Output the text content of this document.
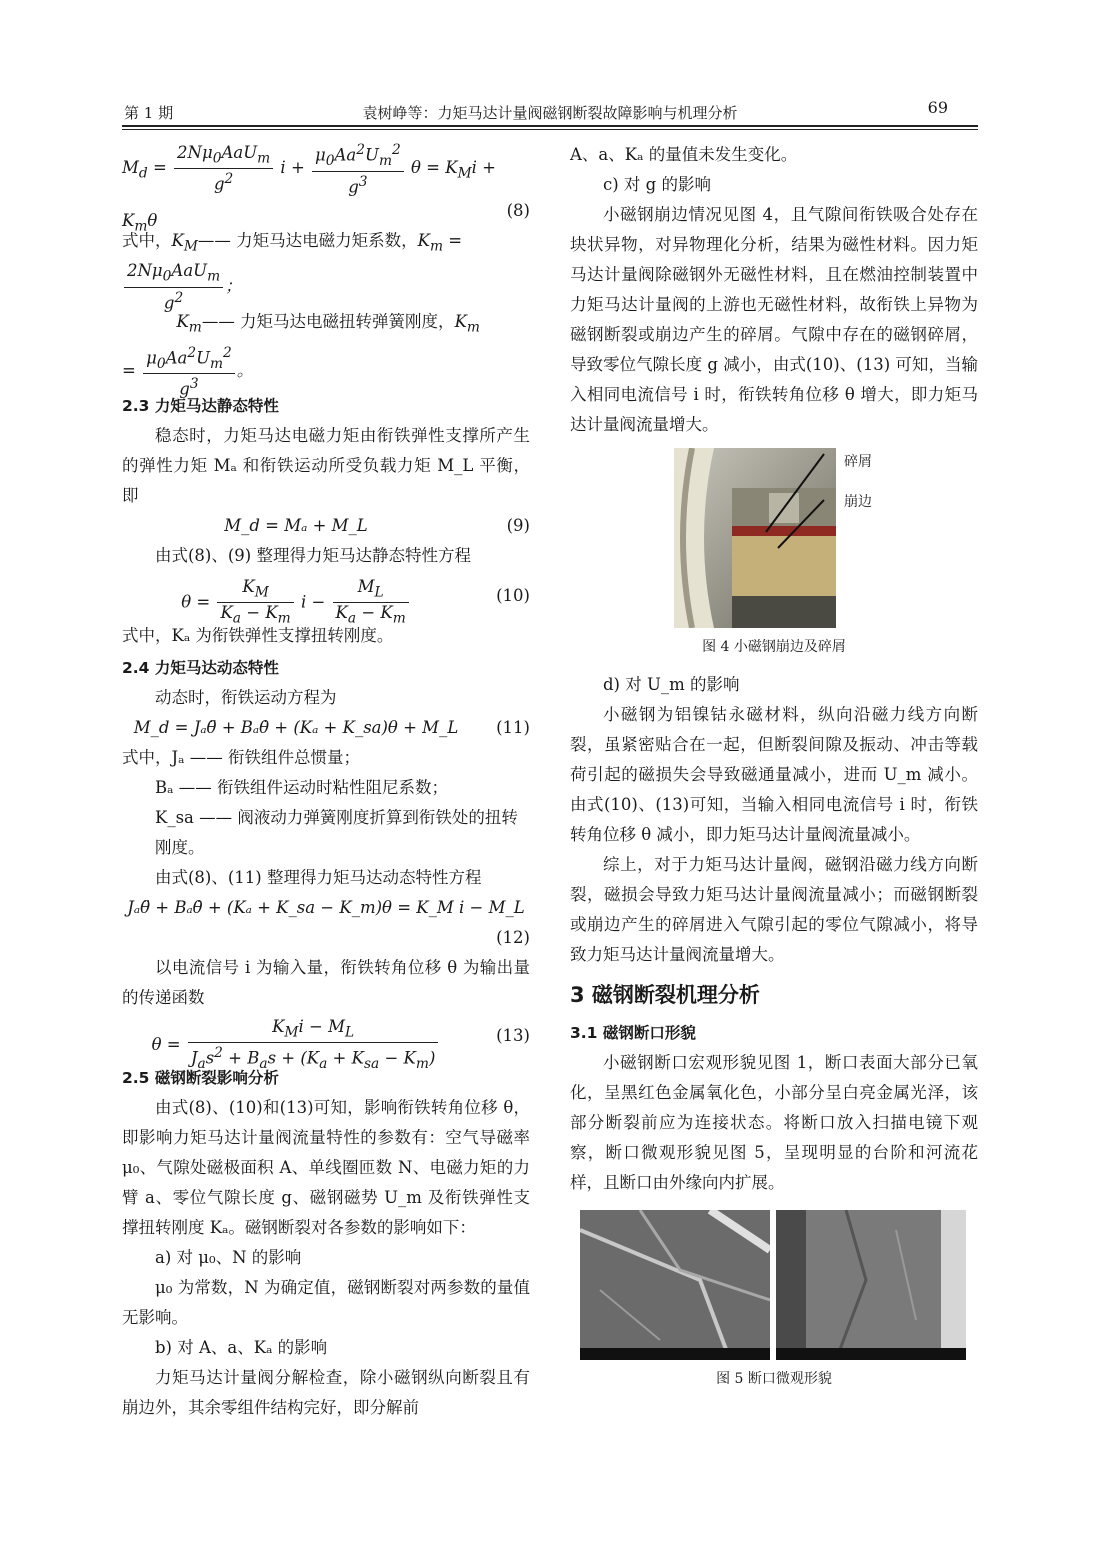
第 1 期	袁树峥等：力矩马达计量阀磁钢断裂故障影响与机理分析	69
$M_d = \frac{2N\mu_0AaU_m}{g^2}$ $i + \frac{\mu_0Aa^2U_m^2}{g^3}$ $\theta = K_Mi + K_m\theta$

(8)

式中，$K_M——$ 力矩马达电磁力矩系数，$K_m$ =

$\frac{2N\mu_0AaU_m}{g^2}$ ；

$K_m——$ 力矩马达电磁扭转弹簧刚度，$K_m$

= $\frac{\mu_0Aa^2U_m^2}{g^3}$ 。

2.3 力矩马达静态特性

稳态时，力矩马达电磁力矩由衔铁弹性支撑所产生的弹性力矩 Mₐ 和衔铁运动所受负载力矩 M_L 平衡，即

M_d = Mₐ + M_L	(9)

由式(8)、(9) 整理得力矩马达静态特性方程

$\theta = \frac{K_M}{K_a - K_m}$ $i - \frac{M_L}{K_a - K_m}$	(10)

式中，Kₐ 为衔铁弹性支撑扭转刚度。

2.4 力矩马达动态特性

动态时，衔铁运动方程为

M_d = Jₐθ̈ + Bₐθ̇ + (Kₐ + K_sa)θ + M_L	(11)

式中，Jₐ —— 衔铁组件总惯量；

Bₐ —— 衔铁组件运动时粘性阻尼系数；

K_sa —— 阀液动力弹簧刚度折算到衔铁处的扭转刚度。

由式(8)、(11) 整理得力矩马达动态特性方程

Jₐθ̈ + Bₐθ̇ + (Kₐ + K_sa − K_m)θ = K_M i − M_L

(12)

以电流信号 i 为输入量，衔铁转角位移 θ 为输出量的传递函数

$\theta = \frac{K_Mi - M_L}{J_as^2 + B_as + (K_a + K_{sa} - K_m)}$	(13)

2.5 磁钢断裂影响分析

由式(8)、(10)和(13)可知，影响衔铁转角位移 θ，即影响力矩马达计量阀流量特性的参数有：空气导磁率 μ₀、气隙处磁极面积 A、单线圈匝数 N、电磁力矩的力臂 a、零位气隙长度 g、磁钢磁势 U_m 及衔铁弹性支撑扭转刚度 Kₐ。磁钢断裂对各参数的影响如下：

a) 对 μ₀、N 的影响

μ₀ 为常数，N 为确定值，磁钢断裂对两参数的量值无影响。

b) 对 A、a、Kₐ 的影响

力矩马达计量阀分解检查，除小磁钢纵向断裂且有崩边外，其余零组件结构完好，即分解前

A、a、Kₐ 的量值未发生变化。

c) 对 g 的影响

小磁钢崩边情况见图 4，且气隙间衔铁吸合处存在块状异物，对异物理化分析，结果为磁性材料。因力矩马达计量阀除磁钢外无磁性材料，且在燃油控制装置中力矩马达计量阀的上游也无磁性材料，故衔铁上异物为磁钢断裂或崩边产生的碎屑。气隙中存在的磁钢碎屑，导致零位气隙长度 g 减小，由式(10)、(13) 可知，当输入相同电流信号 i 时，衔铁转角位移 θ 增大，即力矩马达计量阀流量增大。

碎屑
崩边

图 4 小磁钢崩边及碎屑

d) 对 U_m 的影响

小磁钢为铝镍钴永磁材料，纵向沿磁力线方向断裂，虽紧密贴合在一起，但断裂间隙及振动、冲击等载荷引起的磁损失会导致磁通量减小，进而 U_m 减小。由式(10)、(13)可知，当输入相同电流信号 i 时，衔铁转角位移 θ 减小，即力矩马达计量阀流量减小。

综上，对于力矩马达计量阀，磁钢沿磁力线方向断裂，磁损会导致力矩马达计量阀流量减小；而磁钢断裂或崩边产生的碎屑进入气隙引起的零位气隙减小，将导致力矩马达计量阀流量增大。

3 磁钢断裂机理分析

3.1 磁钢断口形貌

小磁钢断口宏观形貌见图 1，断口表面大部分已氧化，呈黑红色金属氧化色，小部分呈白亮金属光泽，该部分断裂前应为连接状态。将断口放入扫描电镜下观察，断口微观形貌见图 5，呈现明显的台阶和河流花样，且断口由外缘向内扩展。

图 5 断口微观形貌
